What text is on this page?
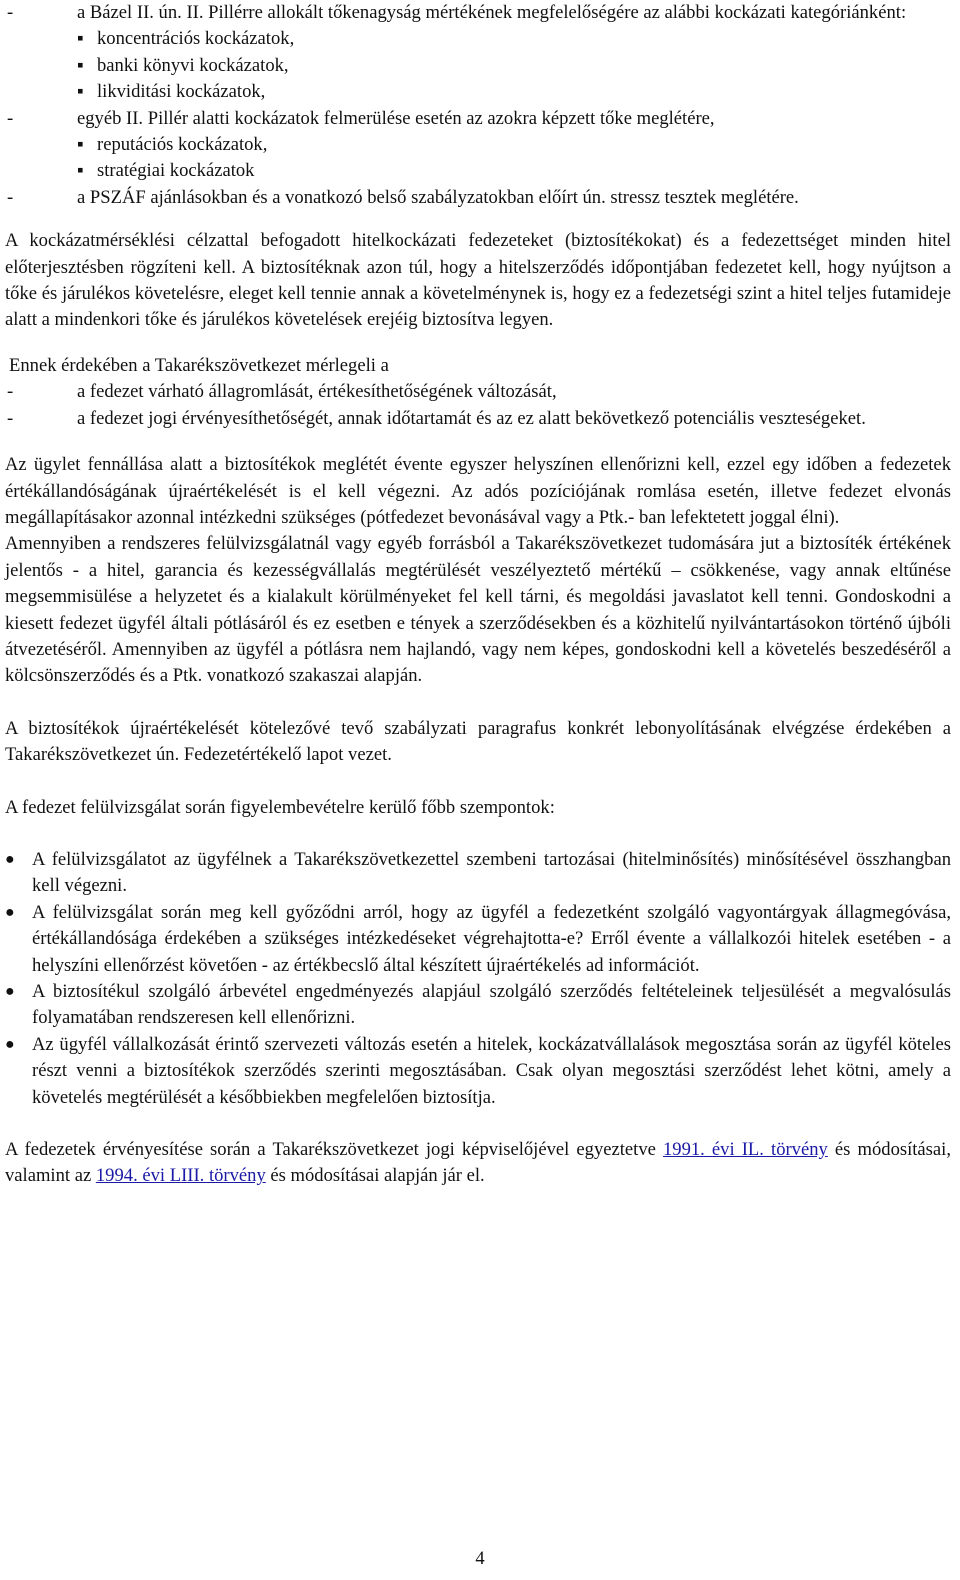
-	a Bázel II. ún. II. Pillérre allokált tőkenagyság mértékének megfelelőségére az alábbi kockázati kategóriánként:
▪ koncentrációs kockázatok,
▪ banki könyvi kockázatok,
▪ likviditási kockázatok,
-	egyéb II. Pillér alatti kockázatok felmerülése esetén az azokra képzett tőke meglétére,
▪ reputációs kockázatok,
▪ stratégiai kockázatok
-	a PSZÁF ajánlásokban és a vonatkozó belső szabályzatokban előírt ún. stressz tesztek meglétére.
A kockázatmérséklési célzattal befogadott hitelkockázati fedezeteket (biztosítékokat) és a fedezettséget minden hitel előterjesztésben rögzíteni kell. A biztosítéknak azon túl, hogy a hitelszerződés időpontjában fedezetet kell, hogy nyújtson a tőke és járulékos követelésre, eleget kell tennie annak a követelménynek is, hogy ez a fedezetségi szint a hitel teljes futamideje alatt a mindenkori tőke és járulékos követelések erejéig biztosítva legyen.
Ennek érdekében a Takarékszövetkezet mérlegeli a
-	a fedezet várható állagromlását, értékesíthetőségének változását,
-	a fedezet jogi érvényesíthetőségét, annak időtartamát és az ez alatt bekövetkező potenciális veszteségeket.
Az ügylet fennállása alatt a biztosítékok meglétét évente egyszer helyszínen ellenőrizni kell, ezzel egy időben a fedezetek értékállandóságának újraértékelését is el kell végezni. Az adós pozíciójának romlása esetén, illetve fedezet elvonás megállapításakor azonnal intézkedni szükséges (pótfedezet bevonásával vagy a Ptk.- ban lefektetett joggal élni).
Amennyiben a rendszeres felülvizsgálatnál vagy egyéb forrásból a Takarékszövetkezet tudomására jut a biztosíték értékének jelentős - a hitel, garancia és kezességvállalás megtérülését veszélyeztető mértékű – csökkenése, vagy annak eltűnése megsemmisülése a helyzetet és a kialakult körülményeket fel kell tárni, és megoldási javaslatot kell tenni. Gondoskodni a kiesett fedezet ügyfél általi pótlásáról és ez esetben e tények a szerződésekben és a közhitelű nyilvántartásokon történő újbóli átvezetéséről. Amennyiben az ügyfél a pótlásra nem hajlandó, vagy nem képes, gondoskodni kell a követelés beszedéséről a kölcsönszerződés és a Ptk. vonatkozó szakaszai alapján.
A biztosítékok újraértékelését kötelezővé tevő szabályzati paragrafus konkrét lebonyolításának elvégzése érdekében a Takarékszövetkezet ún. Fedezetértékelő lapot vezet.
A fedezet felülvizsgálat során figyelembevételre kerülő főbb szempontok:
● A felülvizsgálatot az ügyfélnek a Takarékszövetkezettel szembeni tartozásai (hitelminősítés) minősítésével összhangban kell végezni.
● A felülvizsgálat során meg kell győződni arról, hogy az ügyfél a fedezetként szolgáló vagyontárgyak állagmegóvása, értékállandósága érdekében a szükséges intézkedéseket végrehajtotta-e? Erről évente a vállalkozói hitelek esetében - a helyszíni ellenőrzést követően - az értékbecslő által készített újraértékelés ad információt.
● A biztosítékul szolgáló árbevétel engedményezés alapjául szolgáló szerződés feltételeinek teljesülését a megvalósulás folyamatában rendszeresen kell ellenőrizni.
● Az ügyfél vállalkozását érintő szervezeti változás esetén a hitelek, kockázatvállalások megosztása során az ügyfél köteles részt venni a biztosítékok szerződés szerinti megosztásában. Csak olyan megosztási szerződést lehet kötni, amely a követelés megtérülését a későbbiekben megfelelően biztosítja.
A fedezetek érvényesítése során a Takarékszövetkezet jogi képviselőjével egyeztetve 1991. évi IL. törvény és módosításai, valamint az 1994. évi LIII. törvény és módosításai alapján jár el.
4
